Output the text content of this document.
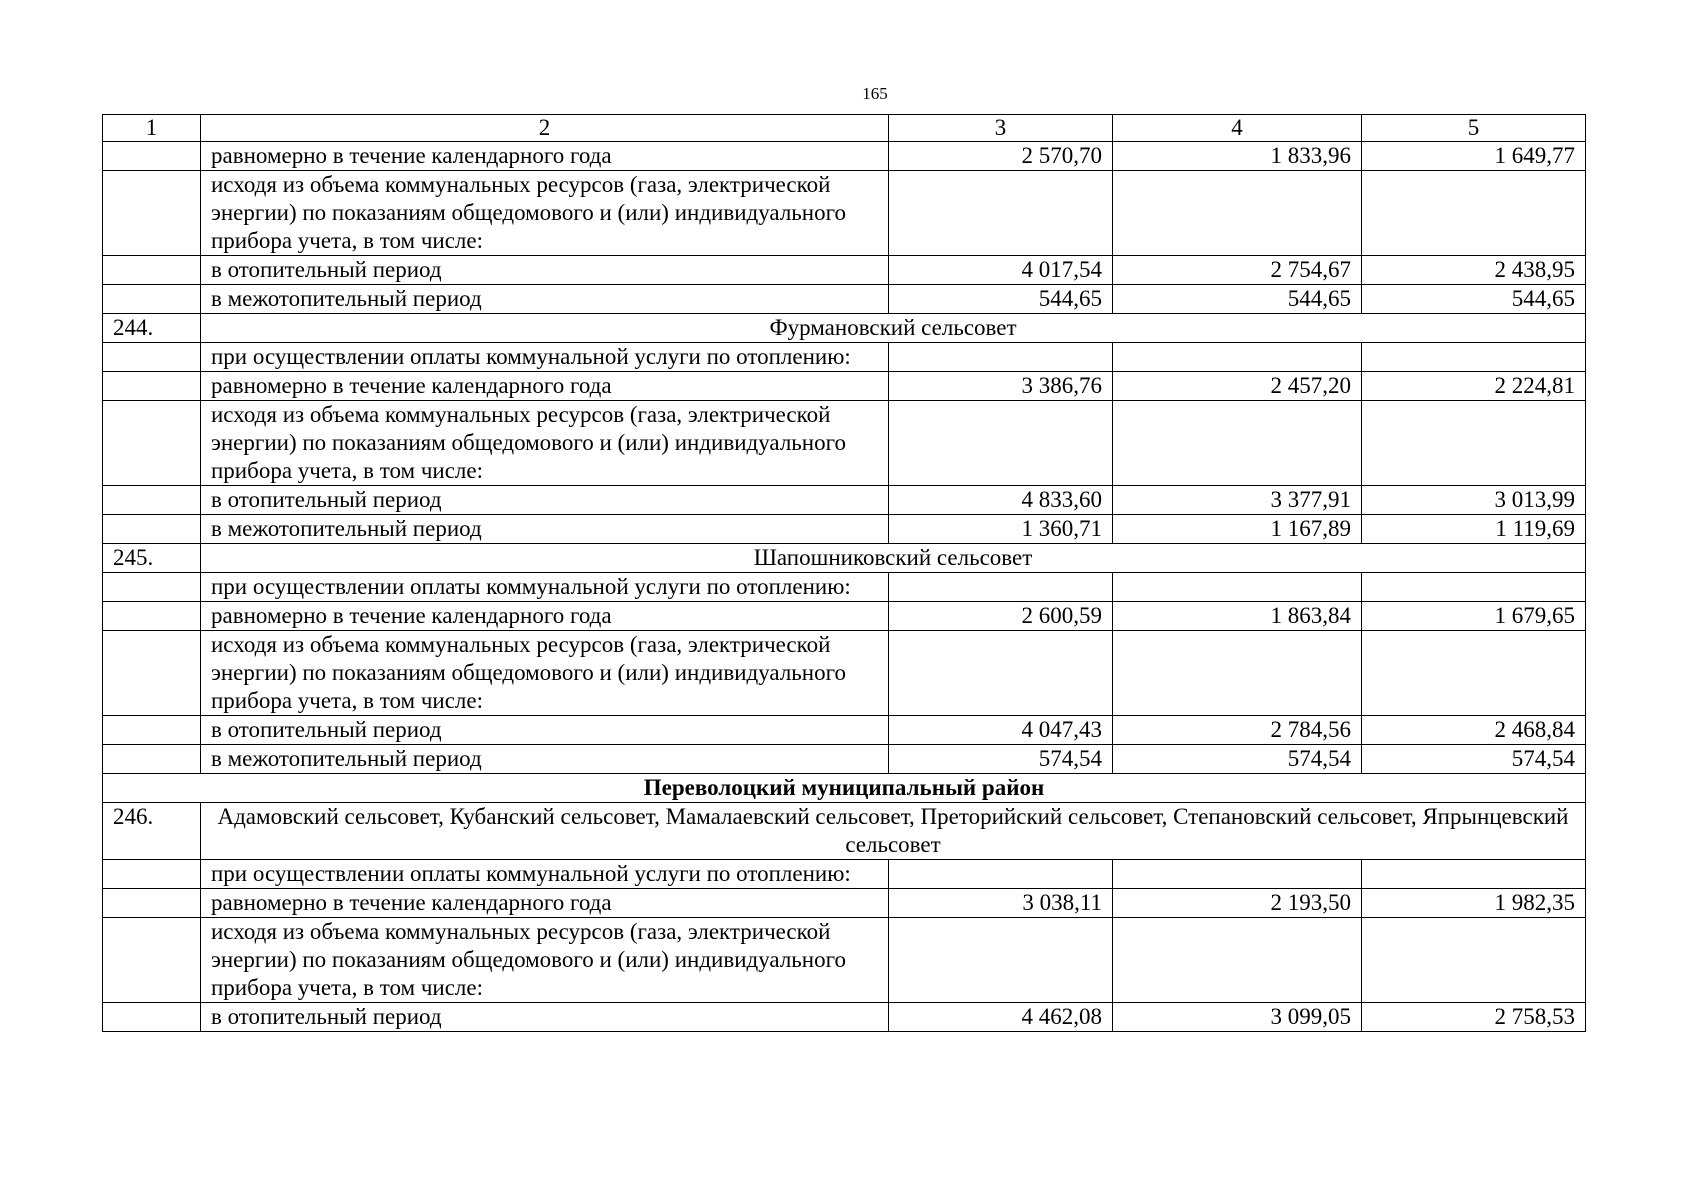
165
1	2	3	4	5
	равномерно в течение календарного года	2 570,70	1 833,96	1 649,77
	исходя из объема коммунальных ресурсов (газа, электрической энергии) по показаниям общедомового и (или) индивидуального прибора учета, в том числе:			
	в отопительный период	4 017,54	2 754,67	2 438,95
	в межотопительный период	544,65	544,65	544,65
244.	Фурмановский сельсовет			
	при осуществлении оплаты коммунальной услуги по отоплению:			
	равномерно в течение календарного года	3 386,76	2 457,20	2 224,81
	исходя из объема коммунальных ресурсов (газа, электрической энергии) по показаниям общедомового и (или) индивидуального прибора учета, в том числе:			
	в отопительный период	4 833,60	3 377,91	3 013,99
	в межотопительный период	1 360,71	1 167,89	1 119,69
245.	Шапошниковский сельсовет			
	при осуществлении оплаты коммунальной услуги по отоплению:			
	равномерно в течение календарного года	2 600,59	1 863,84	1 679,65
	исходя из объема коммунальных ресурсов (газа, электрической энергии) по показаниям общедомового и (или) индивидуального прибора учета, в том числе:			
	в отопительный период	4 047,43	2 784,56	2 468,84
	в межотопительный период	574,54	574,54	574,54
Переволоцкий муниципальный район				
246.	Адамовский сельсовет, Кубанский сельсовет, Мамалаевский сельсовет, Преторийский сельсовет, Степановский сельсовет, Япрынцевский сельсовет			
	при осуществлении оплаты коммунальной услуги по отоплению:			
	равномерно в течение календарного года	3 038,11	2 193,50	1 982,35
	исходя из объема коммунальных ресурсов (газа, электрической энергии) по показаниям общедомового и (или) индивидуального прибора учета, в том числе:			
	в отопительный период	4 462,08	3 099,05	2 758,53
